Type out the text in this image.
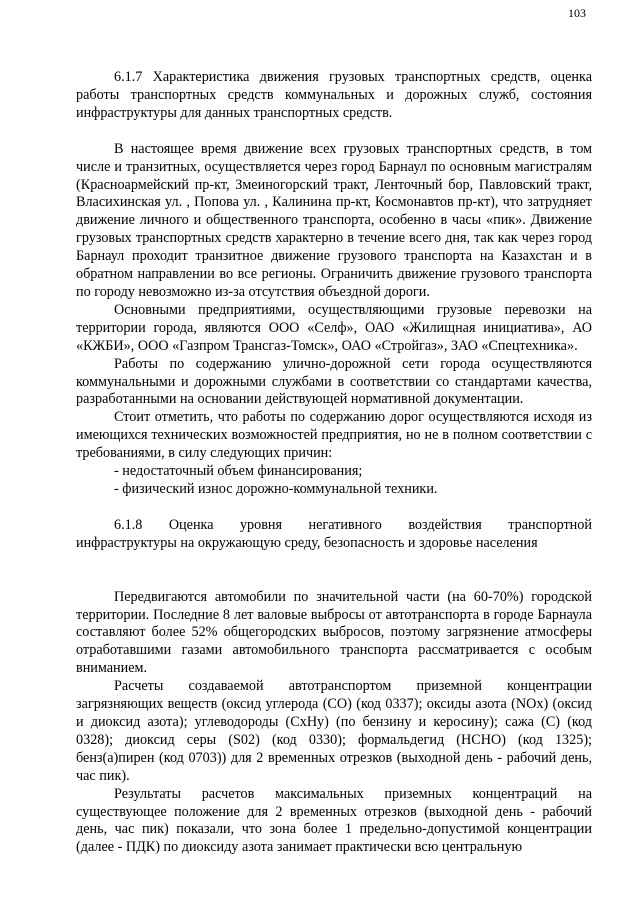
103

6.1.7 Характеристика движения грузовых транспортных средств, оценка работы транспортных средств коммунальных и дорожных служб, состояния инфраструктуры для данных транспортных средств.

В настоящее время движение всех грузовых транспортных средств, в том числе и транзитных, осуществляется через город Барнаул по основным магистралям (Красноармейский пр-кт, Змеиногорский тракт, Ленточный бор, Павловский тракт, Власихинская ул. , Попова ул. , Калинина пр-кт, Космонавтов пр-кт), что затрудняет движение личного и общественного транспорта, особенно в часы «пик». Движение грузовых транспортных средств характерно в течение всего дня, так как через город Барнаул проходит транзитное движение грузового транспорта на Казахстан и в обратном направлении во все регионы. Ограничить движение грузового транспорта по городу невозможно из-за отсутствия объездной дороги.

Основными предприятиями, осуществляющими грузовые перевозки на территории города, являются ООО «Селф», ОАО «Жилищная инициатива», АО «КЖБИ», ООО «Газпром Трансгаз-Томск», ОАО «Стройгаз», ЗАО «Спецтехника».

Работы по содержанию улично-дорожной сети города осуществляются коммунальными и дорожными службами в соответствии со стандартами качества, разработанными на основании действующей нормативной документации.

Стоит отметить, что работы по содержанию дорог осуществляются исходя из имеющихся технических возможностей предприятия, но не в полном соответствии с требованиями, в силу следующих причин:

- недостаточный объем финансирования;

- физический износ дорожно-коммунальной техники.

6.1.8 Оценка уровня негативного воздействия транспортной
инфраструктуры на окружающую среду, безопасность и здоровье населения

Передвигаются автомобили по значительной части (на 60-70%) городской территории. Последние 8 лет валовые выбросы от автотранспорта в городе Барнаула составляют более 52% общегородских выбросов, поэтому загрязнение атмосферы отработавшими газами автомобильного транспорта рассматривается с особым вниманием.

Расчеты создаваемой автотранспортом приземной концентрации загрязняющих веществ (оксид углерода (CO) (код 0337); оксиды азота (NOx) (оксид и диоксид азота); углеводороды (CxHy) (по бензину и керосину); сажа (C) (код 0328); диоксид серы (S02) (код 0330); формальдегид (HCHO) (код 1325); бенз(а)пирен (код 0703)) для 2 временных отрезков (выходной день - рабочий день, час пик).

Результаты расчетов максимальных приземных концентраций на существующее положение для 2 временных отрезков (выходной день - рабочий день, час пик) показали, что зона более 1 предельно-допустимой концентрации (далее - ПДК) по диоксиду азота занимает практически всю центральную
